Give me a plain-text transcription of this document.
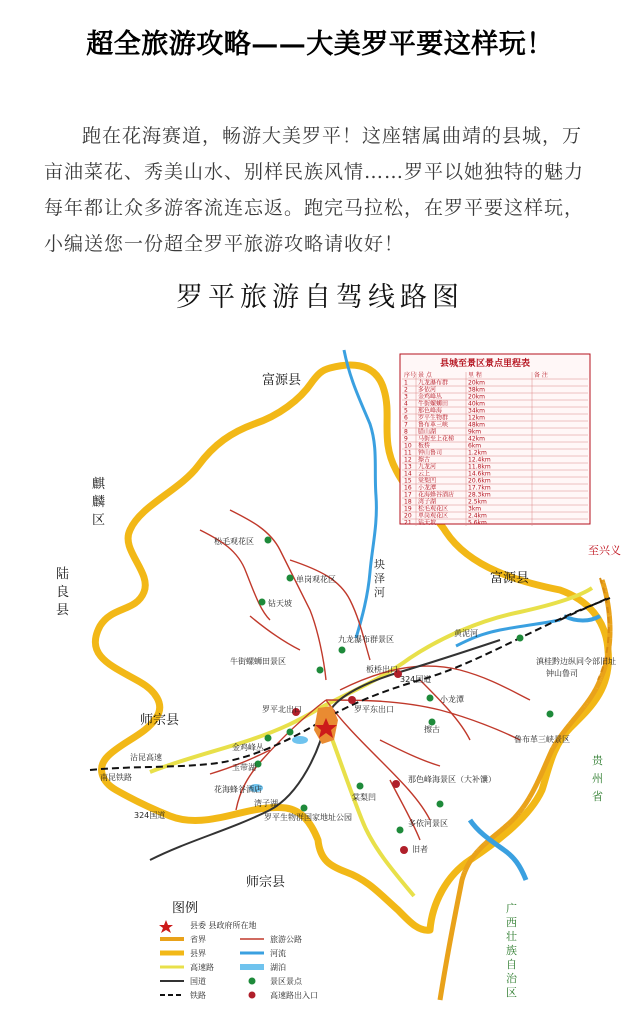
超全旅游攻略——大美罗平要这样玩！
跑在花海赛道，畅游大美罗平！这座辖属曲靖的县城，万亩油菜花、秀美山水、别样民族风情……罗平以她独特的魅力每年都让众多游客流连忘返。跑完马拉松，在罗平要这样玩，小编送您一份超全罗平旅游攻略请收好！
罗平旅游自驾线路图
富源县
富源县
师宗县
师宗县
至兴义
麒
麟
区
陆
良
县
贵
州
省
广
西
壮
族
自
治
区
块
泽
河
松毛观花区
单岗观花区
钻天坡
九龙瀑布群景区
牛街螺蛳田景区	滇桂黔边纵同令部旧址
钟山鲁司
罗平北出口	罗平东出口
板桥出口
小龙潭
擦古
鲁布革三峡景区
324国道
金鸡峰丛
玉带湖
花海蜂谷酒店
湾子湖
罗平生物群国家地址公园
那色峰海景区（大补馕）
棠梨凹
多依河景区
旧者
324国道
沾昆高速
南昆铁路
黄泥河
县城至景区景点里程表
序号 景 点	里 程	备 注
1 九龙瀑布群	20km
2 多依河	38km
3 金鸡峰丛	20km
4 牛街螺蛳田	40km
5 那色峰海	34km
6 罗平生物群	12km
7 鲁布革三峡	48km
8 腊山湖	9km
9 马街至上花梯 42km
10 板桥	6km
11 钟山鲁司	1.2km
12 擦古	12.4km
13 九龙河	11.8km
14 云上	14.6km
15 棠梨凹	20.6km
16 小龙潭	17.7km
17 花海蜂谷酒店 28.3km
18 湾子湖	2.5km
19 松毛观花区	3km
20 单岗观花区	2.4km
21 钻天坡	5.6km
图例
县委 县政府所在地
省界
县界
高速路
国道
铁路
旅游公路
河流
湖泊
景区景点
高速路出入口
